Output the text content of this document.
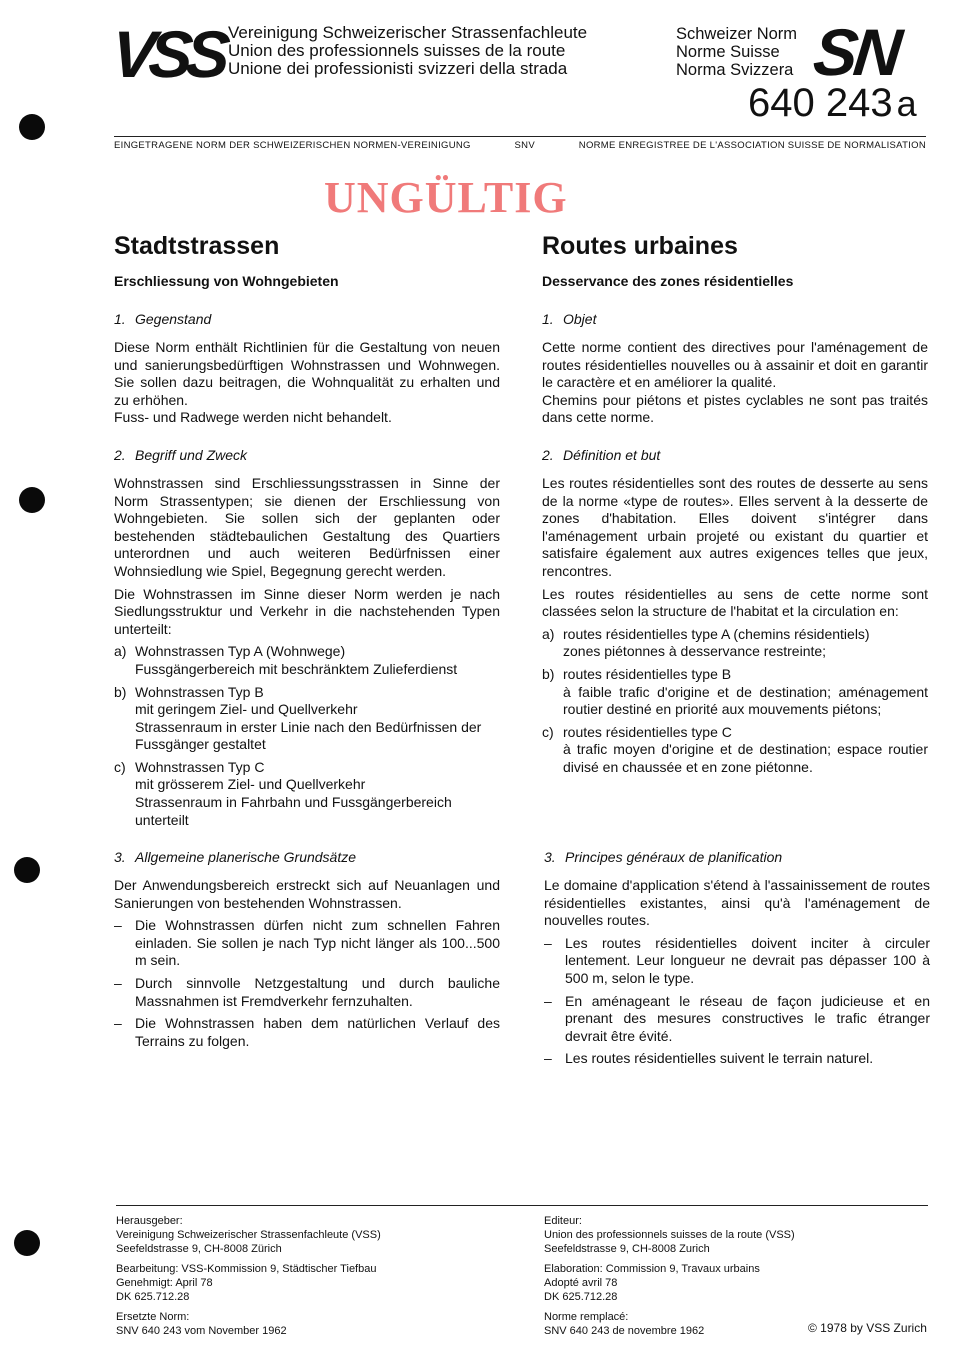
VSS Vereinigung Schweizerischer Strassenfachleute
Union des professionnels suisses de la route
Unione dei professionisti svizzeri della strada
Schweizer Norm
Norme Suisse
Norma Svizzera SN
640 243 a
EINGETRAGENE NORM DER SCHWEIZERISCHEN NORMEN-VEREINIGUNG	SNV	NORME ENREGISTREE DE L'ASSOCIATION SUISSE DE NORMALISATION
UNGÜLTIG
Stadtstrassen
Erschliessung von Wohngebieten
1. Gegenstand

Diese Norm enthält Richtlinien für die Gestaltung von neuen und sanierungsbedürftigen Wohnstrassen und Wohnwegen. Sie sollen dazu beitragen, die Wohnqualität zu erhalten und zu erhöhen.

Fuss- und Radwege werden nicht behandelt.

2. Begriff und Zweck

Wohnstrassen sind Erschliessungsstrassen in Sinne der Norm Strassentypen; sie dienen der Erschliessung von Wohngebieten. Sie sollen sich der geplanten oder bestehenden städtebaulichen Gestaltung des Quartiers unterordnen und auch weiteren Bedürfnissen einer Wohnsiedlung wie Spiel, Begegnung gerecht werden.

Die Wohnstrassen im Sinne dieser Norm werden je nach Siedlungsstruktur und Verkehr in die nachstehenden Typen unterteilt:

a) Wohnstrassen Typ A (Wohnwege)
Fussgängerbereich mit beschränktem Zulieferdienst
b) Wohnstrassen Typ B
mit geringem Ziel- und Quellverkehr
Strassenraum in erster Linie nach den Bedürfnissen der Fussgänger gestaltet
c) Wohnstrassen Typ C
mit grösserem Ziel- und Quellverkehr
Strassenraum in Fahrbahn und Fussgängerbereich unterteilt
Routes urbaines
Desservance des zones résidentielles
1. Objet

Cette norme contient des directives pour l'aménagement de routes résidentielles nouvelles ou à assainir et doit en garantir le caractère et en améliorer la qualité.

Chemins pour piétons et pistes cyclables ne sont pas traités dans cette norme.

2. Définition et but

Les routes résidentielles sont des routes de desserte au sens de la norme «type de routes». Elles servent à la desserte de zones d'habitation. Elles doivent s'intégrer dans l'aménagement urbain projeté ou existant du quartier et satisfaire également aux autres exigences telles que jeux, rencontres.

Les routes résidentielles au sens de cette norme sont classées selon la structure de l'habitat et la circulation en:

a) routes résidentielles type A (chemins résidentiels)
zones piétonnes à desservance restreinte;
b) routes résidentielles type B
à faible trafic d'origine et de destination; aménagement routier destiné en priorité aux mouvements piétons;
c) routes résidentielles type C
à trafic moyen d'origine et de destination; espace routier divisé en chaussée et en zone piétonne.
3. Allgemeine planerische Grundsätze

Der Anwendungsbereich erstreckt sich auf Neuanlagen und Sanierungen von bestehenden Wohnstrassen.

– Die Wohnstrassen dürfen nicht zum schnellen Fahren einladen. Sie sollen je nach Typ nicht länger als 100...500 m sein.
– Durch sinnvolle Netzgestaltung und durch bauliche Massnahmen ist Fremdverkehr fernzuhalten.
– Die Wohnstrassen haben dem natürlichen Verlauf des Terrains zu folgen.
3. Principes généraux de planification

Le domaine d'application s'étend à l'assainissement de routes résidentielles existantes, ainsi qu'à l'aménagement de nouvelles routes.

– Les routes résidentielles doivent inciter à circuler lentement. Leur longueur ne devrait pas dépasser 100 à 500 m, selon le type.
– En aménageant le réseau de façon judicieuse et en prenant des mesures constructives le trafic étranger devrait être évité.
– Les routes résidentielles suivent le terrain naturel.
Herausgeber:
Vereinigung Schweizerischer Strassenfachleute (VSS)
Seefeldstrasse 9, CH-8008 Zürich
Bearbeitung: VSS-Kommission 9, Städtischer Tiefbau
Genehmigt: April 78
DK 625.712.28
Ersetzte Norm:
SNV 640 243 vom November 1962
Editeur:
Union des professionnels suisses de la route (VSS)
Seefeldstrasse 9, CH-8008 Zurich
Elaboration: Commission 9, Travaux urbains
Adopté avril 78
DK 625.712.28
Norme remplacé:
SNV 640 243 de novembre 1962	© 1978 by VSS Zurich
